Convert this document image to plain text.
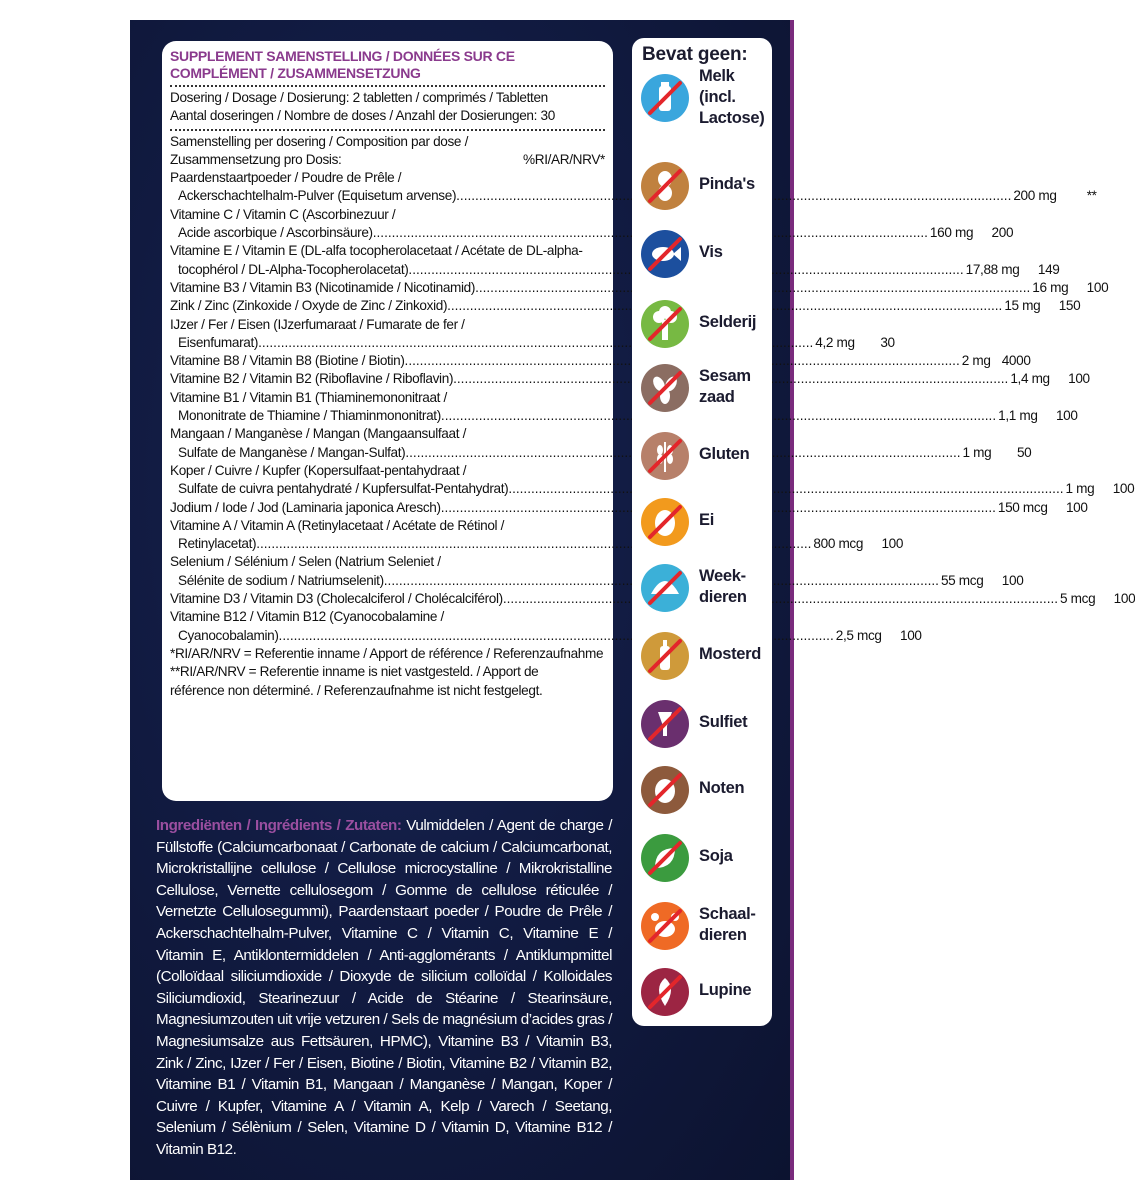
SUPPLEMENT SAMENSTELLING / DONNÉES SUR CE COMPLÉMENT / ZUSAMMENSETZUNG
Dosering / Dosage / Dosierung: 2 tabletten / comprimés / Tabletten
Aantal doseringen / Nombre de doses / Anzahl der Dosierungen: 30
Samenstelling per dosering / Composition par dose /
Zusammensetzung pro Dosis:	%RI/AR/NRV*
Paardenstaartpoeder / Poudre de Prêle /
Ackerschachtelhalm-Pulver (Equisetum arvense) .....	200 mg	**
Vitamine C / Vitamin C (Ascorbinezuur /
Acide ascorbique / Ascorbinsäure) .....	160 mg	200
Vitamine E / Vitamin E (DL-alfa tocopherolacetaat / Acétate de DL-alpha-
tocophérol / DL-Alpha-Tocopherolacetat) .....	17,88 mg	149
Vitamine B3 / Vitamin B3 (Nicotinamide / Nicotinamid) .....	16 mg	100
Zink / Zinc (Zinkoxide / Oxyde de Zinc / Zinkoxid) .....	15 mg	150
IJzer / Fer / Eisen (IJzerfumaraat / Fumarate de fer /
Eisenfumarat) .....	4,2 mg	30
Vitamine B8 / Vitamin B8 (Biotine / Biotin) .....	2 mg 4000
Vitamine B2 / Vitamin B2 (Riboflavine / Riboflavin) .....	1,4 mg	100
Vitamine B1 / Vitamin B1 (Thiaminemononitraat /
Mononitrate de Thiamine / Thiaminmononitrat) .....	1,1 mg	100
Mangaan / Manganèse / Mangan (Mangaansulfaat /
Sulfate de Manganèse / Mangan-Sulfat) .....	1 mg	50
Koper / Cuivre / Kupfer (Kopersulfaat-pentahydraat /
Sulfate de cuivra pentahydraté / Kupfersulfat-Pentahydrat) .....	1 mg	100
Jodium / Iode / Jod (Laminaria japonica Aresch) .....	150 mcg	100
Vitamine A / Vitamin A (Retinylacetaat / Acétate de Rétinol /
Retinylacetat) .....	800 mcg	100
Selenium / Sélénium / Selen (Natrium Seleniet /
Sélénite de sodium / Natriumselenit) .....	55 mcg	100
Vitamine D3 / Vitamin D3 (Cholecalciferol / Cholécalciférol) .....	5 mcg	100
Vitamine B12 / Vitamin B12 (Cyanocobalamine /
Cyanocobalamin) .....	2,5 mcg	100
*RI/AR/NRV = Referentie inname / Apport de référence / Referenzaufnahme
**RI/AR/NRV = Referentie inname is niet vastgesteld. / Apport de
référence non déterminé. / Referenzaufnahme ist nicht festgelegt.
Ingrediënten / Ingrédients / Zutaten: Vulmiddelen / Agent de charge / Füllstoffe (Calciumcarbonaat / Carbonate de calcium / Calciumcarbonat, Microkristallijne cellulose / Cellulose microcystalline / Mikrokristalline Cellulose, Vernette cellulosegom / Gomme de cellulose réticulée / Vernetzte Cellulosegummi), Paardenstaart poeder / Poudre de Prêle / Ackerschachtelhalm-Pulver, Vitamine C / Vitamin C, Vitamine E / Vitamin E, Antiklontermiddelen / Anti-agglomérants / Antiklumpmittel (Colloïdaal siliciumdioxide / Dioxyde de silicium colloïdal / Kolloidales Siliciumdioxid, Stearinezuur / Acide de Stéarine / Stearinsäure, Magnesiumzouten uit vrije vetzuren / Sels de magnésium d’acides gras / Magnesiumsalze aus Fettsäuren, HPMC), Vitamine B3 / Vitamin B3, Zink / Zinc, IJzer / Fer / Eisen, Biotine / Biotin, Vitamine B2 / Vitamin B2, Vitamine B1 / Vitamin B1, Mangaan / Manganèse / Mangan, Koper / Cuivre / Kupfer, Vitamine A / Vitamin A, Kelp / Varech / Seetang, Selenium / Sélènium / Selen, Vitamine D / Vitamin D, Vitamine B12 / Vitamin B12.
Bevat geen:
Melk
(incl.
Lactose)
Pinda's
Vis
Selderij
Sesam
zaad
Gluten
Ei
Week-
dieren
Mosterd
Sulfiet
Noten
Soja
Schaal-
dieren
Lupine
